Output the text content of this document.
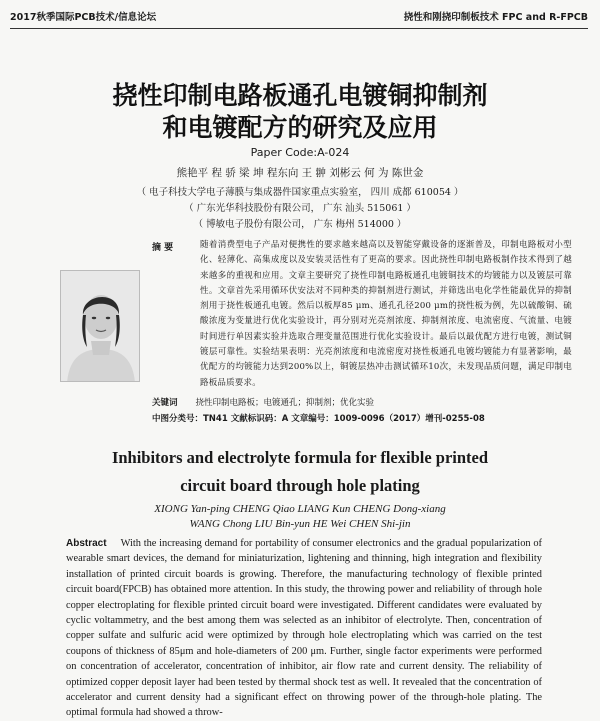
2017秋季国际PCB技术/信息论坛	挠性和刚挠印制板技术 FPC and R-FPCB
挠性印制电路板通孔电镀铜抑制剂
和电镀配方的研究及应用
Paper Code:A-024
熊艳平 程 骄 梁 坤 程东向 王 翀 刘彬云 何 为 陈世金
（ 电子科技大学电子薄膜与集成器件国家重点实验室， 四川 成都 610054 ）
（ 广东光华科技股份有限公司， 广东 汕头 515061 ）
（ 博敏电子股份有限公司， 广东 梅州 514000 ）
摘 要	随着消费型电子产品对便携性的要求越来越高以及智能穿戴设备的逐渐普及，印制电路板对小型化、轻薄化、高集成度以及安装灵活性有了更高的要求。因此挠性印制电路板制作技术得到了越来越多的重视和应用。文章主要研究了挠性印制电路板通孔电镀铜技术的均镀能力以及镀层可靠性。文章首先采用循环伏安法对不同种类的抑制剂进行测试，并筛选出电化学性能最优异的抑制剂用于挠性板通孔电镀。然后以板厚85 μm、通孔孔径200 μm的挠性板为例，先以硫酸铜、硫酸浓度为变量进行优化实验设计，再分别对光亮剂浓度、抑制剂浓度、电流密度、气流量、电镀时间进行单因素实验并选取合理变量范围进行优化实验设计。最后以最优配方进行电镀，测试铜镀层可靠性。实验结果表明：光亮剂浓度和电流密度对挠性板通孔电镀均镀能力有显著影响，最优配方的均镀能力达到200%以上，铜镀层热冲击测试循环10次，未发现品质问题，满足印制电路板品质要求。
关键词 挠性印制电路板；电镀通孔；抑制剂；优化实验
中图分类号：TN41 文献标识码：A 文章编号：1009-0096（2017）增刊-0255-08
Inhibitors and electrolyte formula for flexible printed
circuit board through hole plating
XIONG Yan-ping CHENG Qiao LIANG Kun CHENG Dong-xiang
WANG Chong LIU Bin-yun HE Wei CHEN Shi-jin
Abstract With the increasing demand for portability of consumer electronics and the gradual popularization of wearable smart devices, the demand for miniaturization, lightening and thinning, high integration and flexibility installation of printed circuit boards is growing. Therefore, the manufacturing technology of flexible printed circuit board(FPCB) has obtained more attention. In this study, the throwing power and reliability of through hole copper electroplating for flexible printed circuit board were investigated. Different candidates were evaluated by cyclic voltammetry, and the best among them was selected as an inhibitor of electrolyte. Then, concentration of copper sulfate and sulfuric acid were optimized by through hole electroplating which was carried on the test coupons of thickness of 85μm and hole-diameters of 200 μm. Further, single factor experiments were performed on concentration of accelerator, concentration of inhibitor, air flow rate and current density. The reliability of optimized copper deposit layer had been tested by thermal shock test as well. It revealed that the concentration of accelerator and current density had a significant effect on throwing power of the through-hole plating. The optimal formula had showed a throw-
